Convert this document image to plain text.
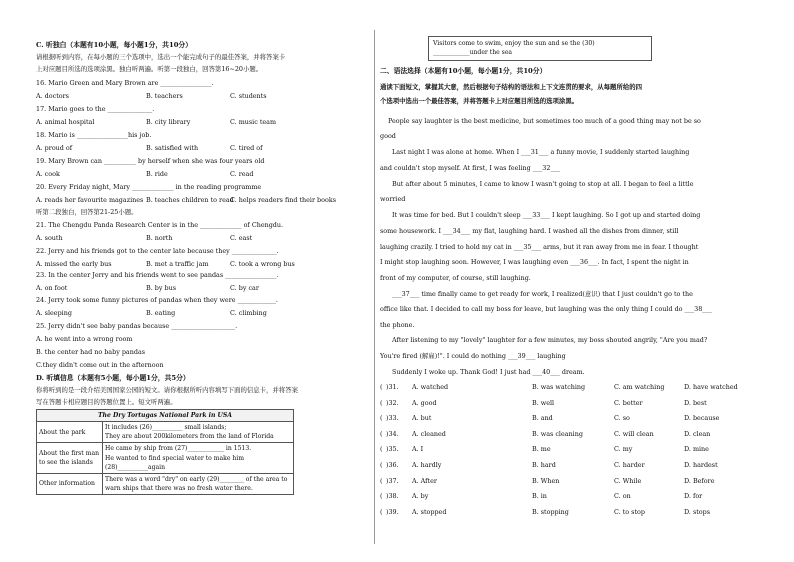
C. 听独白（本题有10小题，每小题1分，共10分）
请根据听到内容，在每小题的三个选项中，选出一个能完成句子的最佳答案，并将答案卡
上对应题目所选的选项涂黑。独白听两遍。听第一段独白，回答第16~20小题。
16. Mario Green and Mary Brown are ________________.
A. doctors	B. teachers	C. students
17. Mario goes to the ______________.
A. animal hospital	B. city library	C. music team
18. Mario is ________________his job.
A. proud of	B. satisfied with	C. tired of
19. Mary Brown can __________ by herself when she was four years old
A. cook	B. ride	C. read
20. Every Friday night, Mary _____________ in the reading programme
A. reads her favourite magazines B. teaches children to read
C. helps readers find their books
听第二段独白，回答第21-25小题。
21. The Chengdu Panda Research Center is in the _____________ of Chengdu.
A. south	B. north	C. east
22. Jerry and his friends got to the center late because they ______________.
A. missed the early bus	B. met a traffic jam	C. took a wrong bus
23. In the center Jerry and his friends went to see pandas ________________.
A. on foot	B. by bus	C. by car
24. Jerry took some funny pictures of pandas when they were ____________.
A. sleeping	B. eating	C. climbing
25. Jerry didn't see baby pandas because ____________________.
A. he went into a wrong room
B. the center had no baby pandas
C.they didn't come out in the afternoon
D. 听填信息（本题有5小题，每小题1分，共5分）
你将听到的是一段介绍美国国家公园的短文。请你根据所听内容填写下面的信息卡，并将答案
写在答题卡相应题目的答题位置上。短文听两遍。
The Dry Tortugas National Park in USA	
About the park	It includes (26)__________ small islands;
They are about 200kilometers from the land of Florida

About the first man to see the islands	He came by ship from (27)____________ in 1513.
He wanted to find special water to make him (28)__________again

Other information	There was a word "dry" on early (29)________ of the area to warn ships that there was no fresh water there.
Visitors come to swim, enjoy the sun and se the (30)
____________under the sea
二、语法选择（本题有10小题，每小题1分，共10分）
通读下面短文，掌握其大意，然后根据句子结构的语法和上下文连贯的要求，从每题所给的四
个选项中选出一个最佳答案，并将答题卡上对应题目所选的选项涂黑。
People say laughter is the best medicine, but sometimes too much of a good thing may not be so
good
Last night I was alone at home. When I ___31___ a funny movie, I suddenly started laughing
and couldn't stop myself. At first, I was feeling ___32___
But after about 5 minutes, I came to know I wasn't going to stop at all. I began to feel a little
worried
It was time for bed. But I couldn't sleep ___33___ I kept laughing. So I got up and started doing
some housework. I ___34___ my flat, laughing hard. I washed all the dishes from dinner, still
laughing crazily. I tried to hold my cat in ___35___ arms, but it ran away from me in fear. I thought
I might stop laughing soon. However, I was laughing even ___36___. In fact, I spent the night in
front of my computer, of course, still laughing.
___37___ time finally came to get ready for work, I realized(意识) that I just couldn't go to the
office like that. I decided to call my boss for leave, but laughing was the only thing I could do ___38___
the phone.
After listening to my "lovely" laughter for a few minutes, my boss shouted angrily, "Are you mad?
You're fired (解雇)!". I could do nothing ___39___ laughing
Suddenly I woke up. Thank God! I just had ___40___ dream.
( )31. A. watched	B. was watching	C. am watching	D. have watched
( )32. A. good	B. well	C. better	D. best
( )33. A. but	B. and	C. so	D. because
( )34. A. cleaned	B. was cleaning	C. will clean	D. clean
( )35. A. I	B. me	C. my	D. mine
( )36. A. hardly	B. hard	C. harder	D. hardest
( )37. A. After	B. When	C. While	D. Before
( )38. A. by	B. in	C. on	D. for
( )39. A. stopped	B. stopping	C. to stop	D. stops
